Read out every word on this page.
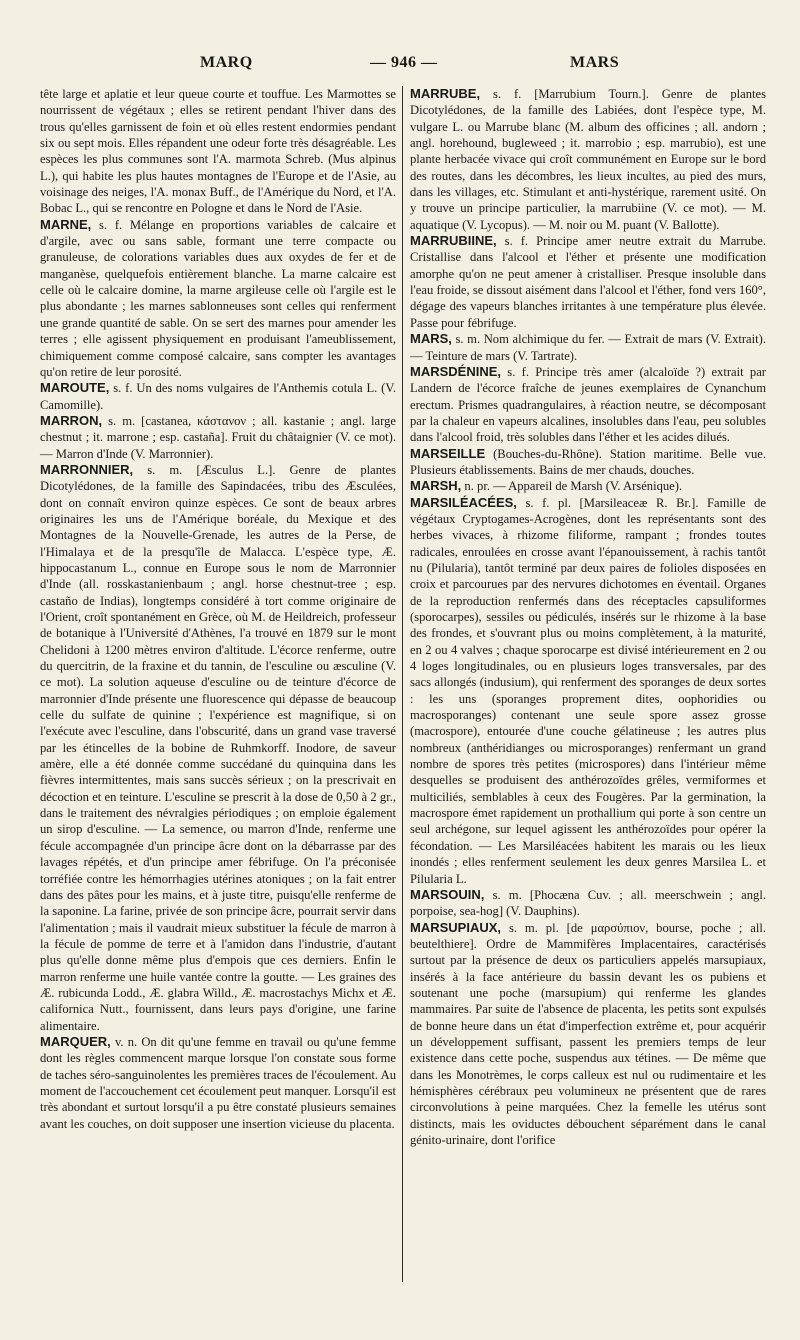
MARQ	— 946 —	MARS
tête large et aplatie et leur queue courte et touffue. Les Marmottes se nourrissent de végétaux ; elles se retirent pendant l'hiver dans des trous qu'elles garnissent de foin et où elles restent endormies pendant six ou sept mois. Elles répandent une odeur forte très désagréable. Les espèces les plus communes sont l'A. marmota Schreb. (Mus alpinus L.), qui habite les plus hautes montagnes de l'Europe et de l'Asie, au voisinage des neiges, l'A. monax Buff., de l'Amérique du Nord, et l'A. Bobac L., qui se rencontre en Pologne et dans le Nord de l'Asie.
MARNE, s. f. Mélange en proportions variables de calcaire et d'argile, avec ou sans sable, formant une terre compacte ou granuleuse, de colorations variables dues aux oxydes de fer et de manganèse, quelquefois entièrement blanche. La marne calcaire est celle où le calcaire domine, la marne argileuse celle où l'argile est le plus abondante ; les marnes sablonneuses sont celles qui renferment une grande quantité de sable. On se sert des marnes pour amender les terres ; elle agissent physiquement en produisant l'ameublissement, chimiquement comme composé calcaire, sans compter les avantages qu'on retire de leur porosité.
MAROUTE, s. f. Un des noms vulgaires de l'Anthemis cotula L. (V. Camomille).
MARRON, s. m. [castanea, κάστανον ; all. kastanie ; angl. large chestnut ; it. marrone ; esp. castaña]. Fruit du châtaignier (V. ce mot). — Marron d'Inde (V. Marronnier).
MARRONNIER, s. m. [Æsculus L.]. Genre de plantes Dicotylédones, de la famille des Sapindacées, tribu des Æsculées, dont on connaît environ quinze espèces. Ce sont de beaux arbres originaires les uns de l'Amérique boréale, du Mexique et des Montagnes de la Nouvelle-Grenade, les autres de la Perse, de l'Himalaya et de la presqu'île de Malacca. L'espèce type, Æ. hippocastanum L., connue en Europe sous le nom de Marronnier d'Inde (all. rosskastanienbaum ; angl. horse chestnut-tree ; esp. castaño de Indias), longtemps considéré à tort comme originaire de l'Orient, croît spontanément en Grèce, où M. de Heildreich, professeur de botanique à l'Université d'Athènes, l'a trouvé en 1879 sur le mont Chelidoni à 1200 mètres environ d'altitude. L'écorce renferme, outre du quercitrin, de la fraxine et du tannin, de l'esculine ou æsculine (V. ce mot). La solution aqueuse d'esculine ou de teinture d'écorce de marronnier d'Inde présente une fluorescence qui dépasse de beaucoup celle du sulfate de quinine ; l'expérience est magnifique, si on l'exécute avec l'esculine, dans l'obscurité, dans un grand vase traversé par les étincelles de la bobine de Ruhmkorff. Inodore, de saveur amère, elle a été donnée comme succédané du quinquina dans les fièvres intermittentes, mais sans succès sérieux ; on la prescrivait en décoction et en teinture. L'esculine se prescrit à la dose de 0,50 à 2 gr., dans le traitement des névralgies périodiques ; on emploie également un sirop d'esculine. — La semence, ou marron d'Inde, renferme une fécule accompagnée d'un principe âcre dont on la débarrasse par des lavages répétés, et d'un principe amer fébrifuge. On l'a préconisée torréfiée contre les hémorrhagies utérines atoniques ; on la fait entrer dans des pâtes pour les mains, et à juste titre, puisqu'elle renferme de la saponine. La farine, privée de son principe âcre, pourrait servir dans l'alimentation ; mais il vaudrait mieux substituer la fécule de marron à la fécule de pomme de terre et à l'amidon dans l'industrie, d'autant plus qu'elle donne même plus d'empois que ces derniers. Enfin le marron renferme une huile vantée contre la goutte. — Les graines des Æ. rubicunda Lodd., Æ. glabra Willd., Æ. macrostachys Michx et Æ. californica Nutt., fournissent, dans leurs pays d'origine, une farine alimentaire.
MARQUER, v. n. On dit qu'une femme en travail ou qu'une femme dont les règles commencent marque lorsque l'on constate sous forme de taches séro-sanguinolentes les premières traces de l'écoulement. Au moment de l'accouchement cet écoulement peut manquer. Lorsqu'il est très abondant et surtout lorsqu'il a pu être constaté plusieurs semaines avant les couches, on doit supposer une insertion vicieuse du placenta.
MARRUBE, s. f. [Marrubium Tourn.]. Genre de plantes Dicotylédones, de la famille des Labiées, dont l'espèce type, M. vulgare L. ou Marrube blanc (M. album des officines ; all. andorn ; angl. horehound, bugleweed ; it. marrobio ; esp. marrubio), est une plante herbacée vivace qui croît communément en Europe sur le bord des routes, dans les décombres, les lieux incultes, au pied des murs, dans les villages, etc. Stimulant et anti-hystérique, rarement usité. On y trouve un principe particulier, la marrubiine (V. ce mot). — M. aquatique (V. Lycopus). — M. noir ou M. puant (V. Ballotte).
MARRUBIINE, s. f. Principe amer neutre extrait du Marrube. Cristallise dans l'alcool et l'éther et présente une modification amorphe qu'on ne peut amener à cristalliser. Presque insoluble dans l'eau froide, se dissout aisément dans l'alcool et l'éther, fond vers 160°, dégage des vapeurs blanches irritantes à une température plus élevée. Passe pour fébrifuge.
MARS, s. m. Nom alchimique du fer. — Extrait de mars (V. Extrait). — Teinture de mars (V. Tartrate).
MARSDÉNINE, s. f. Principe très amer (alcaloïde ?) extrait par Landern de l'écorce fraîche de jeunes exemplaires de Cynanchum erectum. Prismes quadrangulaires, à réaction neutre, se décomposant par la chaleur en vapeurs alcalines, insolubles dans l'eau, peu solubles dans l'alcool froid, très solubles dans l'éther et les acides dilués.
MARSEILLE (Bouches-du-Rhône). Station maritime. Belle vue. Plusieurs établissements. Bains de mer chauds, douches.
MARSH, n. pr. — Appareil de Marsh (V. Arsénique).
MARSILÉACÉES, s. f. pl. [Marsileaceæ R. Br.]. Famille de végétaux Cryptogames-Acrogènes, dont les représentants sont des herbes vivaces, à rhizome filiforme, rampant ; frondes toutes radicales, enroulées en crosse avant l'épanouissement, à rachis tantôt nu (Pilularia), tantôt terminé par deux paires de folioles disposées en croix et parcourues par des nervures dichotomes en éventail. Organes de la reproduction renfermés dans des réceptacles capsuliformes (sporocarpes), sessiles ou pédiculés, insérés sur le rhizome à la base des frondes, et s'ouvrant plus ou moins complètement, à la maturité, en 2 ou 4 valves ; chaque sporocarpe est divisé intérieurement en 2 ou 4 loges longitudinales, ou en plusieurs loges transversales, par des sacs allongés (indusium), qui renferment des sporanges de deux sortes : les uns (sporanges proprement dites, oophoridies ou macrosporanges) contenant une seule spore assez grosse (macrospore), entourée d'une couche gélatineuse ; les autres plus nombreux (anthéridianges ou microsporanges) renfermant un grand nombre de spores très petites (microspores) dans l'intérieur même desquelles se produisent des anthérozoïdes grêles, vermiformes et multiciliés, semblables à ceux des Fougères. Par la germination, la macrospore émet rapidement un prothallium qui porte à son centre un seul archégone, sur lequel agissent les anthérozoïdes pour opérer la fécondation. — Les Marsiléacées habitent les marais ou les lieux inondés ; elles renferment seulement les deux genres Marsilea L. et Pilularia L.
MARSOUIN, s. m. [Phocæna Cuv. ; all. meerschwein ; angl. porpoise, sea-hog] (V. Dauphins).
MARSUPIAUX, s. m. pl. [de μαρσύπιον, bourse, poche ; all. beutelthiere]. Ordre de Mammifères Implacentaires, caractérisés surtout par la présence de deux os particuliers appelés marsupiaux, insérés à la face antérieure du bassin devant les os pubiens et soutenant une poche (marsupium) qui renferme les glandes mammaires. Par suite de l'absence de placenta, les petits sont expulsés de bonne heure dans un état d'imperfection extrême et, pour acquérir un développement suffisant, passent les premiers temps de leur existence dans cette poche, suspendus aux tétines. — De même que dans les Monotrèmes, le corps calleux est nul ou rudimentaire et les hémisphères cérébraux peu volumineux ne présentent que de rares circonvolutions à peine marquées. Chez la femelle les utérus sont distincts, mais les oviductes débouchent séparément dans le canal génito-urinaire, dont l'orifice
